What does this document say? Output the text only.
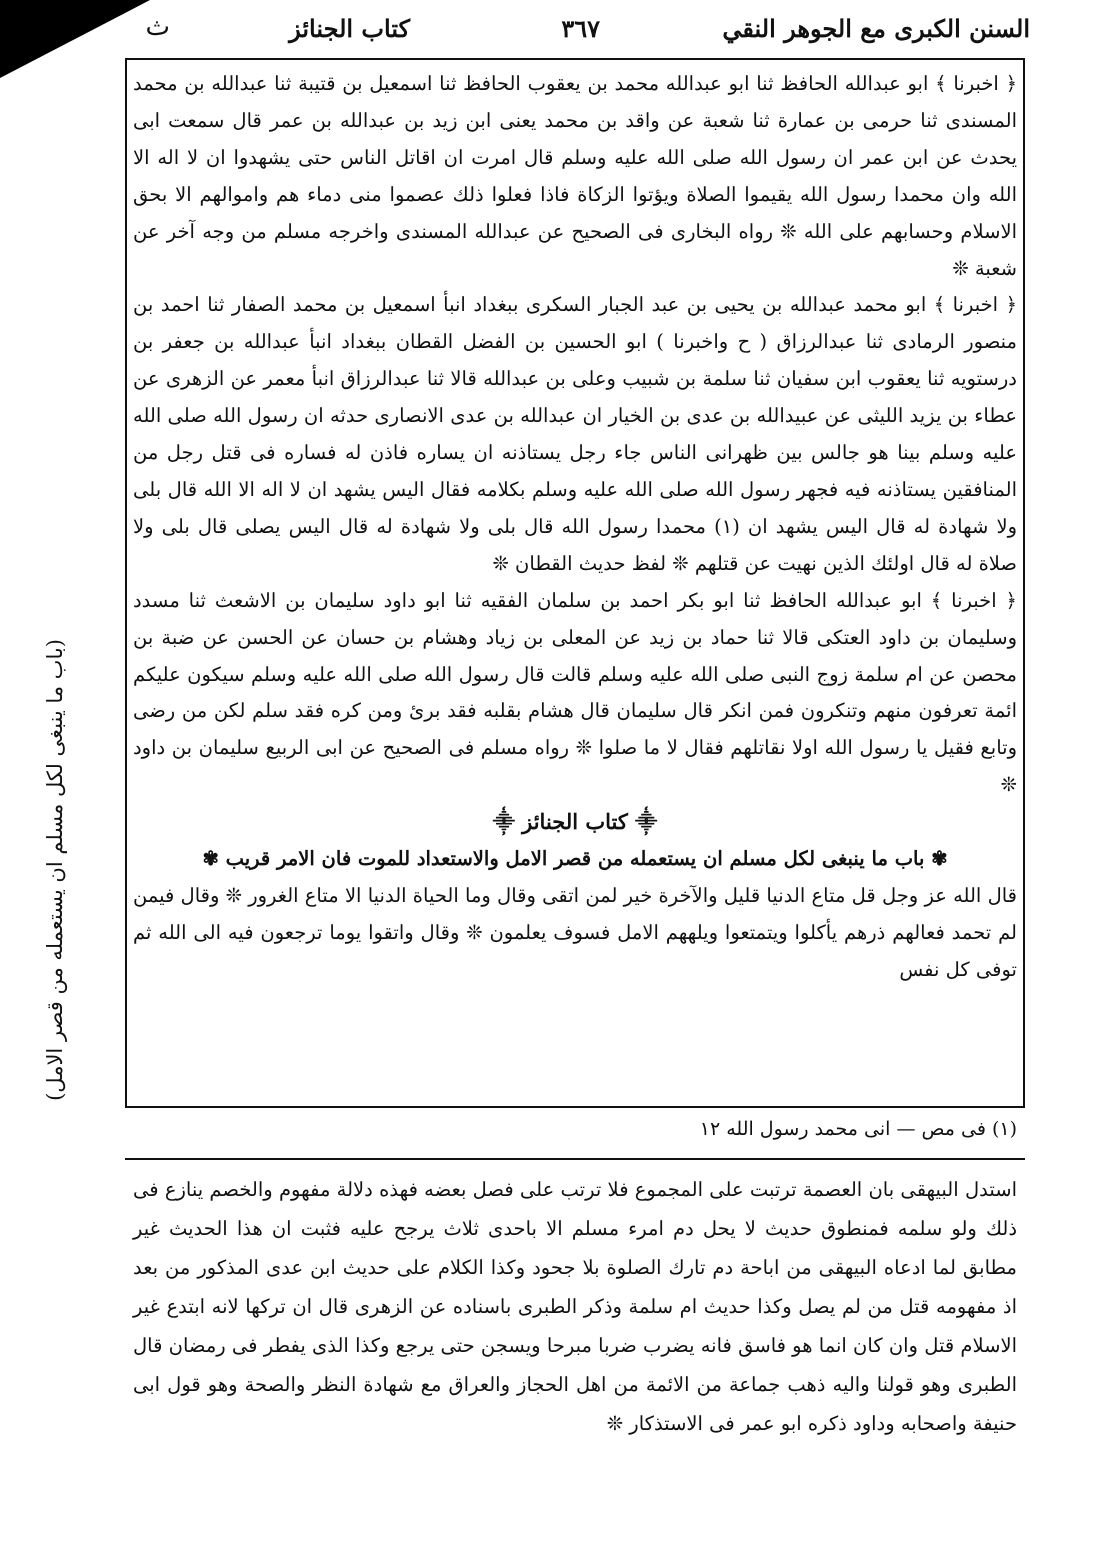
السنن الكبرى مع الجوهر النقي
٣٦٧
كتاب الجنائز
ث

﴿ اخبرنا ﴾ ابو عبدالله الحافظ ثنا ابو عبدالله محمد بن يعقوب الحافظ ثنا اسمعيل بن قتيبة ثنا عبدالله بن محمد المسندى ثنا حرمى بن عمارة ثنا شعبة عن واقد بن محمد يعنى ابن زيد بن عبدالله بن عمر قال سمعت ابى يحدث عن ابن عمر ان رسول الله صلى الله عليه وسلم قال امرت ان اقاتل الناس حتى يشهدوا ان لا اله الا الله وان محمدا رسول الله يقيموا الصلاة ويؤتوا الزكاة فاذا فعلوا ذلك عصموا منى دماء هم واموالهم الا بحق الاسلام وحسابهم على الله ❊ رواه البخارى فى الصحيح عن عبدالله المسندى واخرجه مسلم من وجه آخر عن شعبة ❊

﴿ اخبرنا ﴾ ابو محمد عبدالله بن يحيى بن عبد الجبار السكرى ببغداد انبأ اسمعيل بن محمد الصفار ثنا احمد بن منصور الرمادى ثنا عبدالرزاق ( ح واخبرنا ) ابو الحسين بن الفضل القطان ببغداد انبأ عبدالله بن جعفر بن درستويه ثنا يعقوب ابن سفيان ثنا سلمة بن شبيب وعلى بن عبدالله قالا ثنا عبدالرزاق انبأ معمر عن الزهرى عن عطاء بن يزيد الليثى عن عبيدالله بن عدى بن الخيار ان عبدالله بن عدى الانصارى حدثه ان رسول الله صلى الله عليه وسلم بينا هو جالس بين ظهرانى الناس جاء رجل يستاذنه ان يساره فاذن له فساره فى قتل رجل من المنافقين يستاذنه فيه فجهر رسول الله صلى الله عليه وسلم بكلامه فقال اليس يشهد ان لا اله الا الله قال بلى ولا شهادة له قال اليس يشهد ان (١) محمدا رسول الله قال بلى ولا شهادة له قال اليس يصلى قال بلى ولا صلاة له قال اولئك الذين نهيت عن قتلهم ❊ لفظ حديث القطان ❊

﴿ اخبرنا ﴾ ابو عبدالله الحافظ ثنا ابو بكر احمد بن سلمان الفقيه ثنا ابو داود سليمان بن الاشعث ثنا مسدد وسليمان بن داود العتكى قالا ثنا حماد بن زيد عن المعلى بن زياد وهشام بن حسان عن الحسن عن ضبة بن محصن عن ام سلمة زوج النبى صلى الله عليه وسلم قالت قال رسول الله صلى الله عليه وسلم سيكون عليكم ائمة تعرفون منهم وتنكرون فمن انكر قال سليمان قال هشام بقلبه فقد برئ ومن كره فقد سلم لكن من رضى وتابع فقيل يا رسول الله اولا نقاتلهم فقال لا ما صلوا ❊ رواه مسلم فى الصحيح عن ابى الربيع سليمان بن داود ❊

⸎ كتاب الجنائز ⸎

✾ باب ما ينبغى لكل مسلم ان يستعمله من قصر الامل والاستعداد للموت فان الامر قريب ✾

قال الله عز وجل قل متاع الدنيا قليل والآخرة خير لمن اتقى وقال وما الحياة الدنيا الا متاع الغرور ❊ وقال فيمن لم تحمد فعالهم ذرهم يأكلوا ويتمتعوا ويلههم الامل فسوف يعلمون ❊ وقال واتقوا يوما ترجعون فيه الى الله ثم توفى كل نفس

(١) فى مص — انى محمد رسول الله ١٢

استدل البيهقى بان العصمة ترتبت على المجموع فلا ترتب على فصل بعضه فهذه دلالة مفهوم والخصم ينازع فى ذلك ولو سلمه فمنطوق حديث لا يحل دم امرء مسلم الا باحدى ثلاث يرجح عليه فثبت ان هذا الحديث غير مطابق لما ادعاه البيهقى من اباحة دم تارك الصلوة بلا جحود وكذا الكلام على حديث ابن عدى المذكور من بعد اذ مفهومه قتل من لم يصل وكذا حديث ام سلمة وذكر الطبرى باسناده عن الزهرى قال ان تركها لانه ابتدع غير الاسلام قتل وان كان انما هو فاسق فانه يضرب ضربا مبرحا ويسجن حتى يرجع وكذا الذى يفطر فى رمضان قال الطبرى وهو قولنا واليه ذهب جماعة من الائمة من اهل الحجاز والعراق مع شهادة النظر والصحة وهو قول ابى حنيفة واصحابه وداود ذكره ابو عمر فى الاستذكار ❊

(باب ما ينبغى لكل مسلم ان يستعمله من قصر الامل)
